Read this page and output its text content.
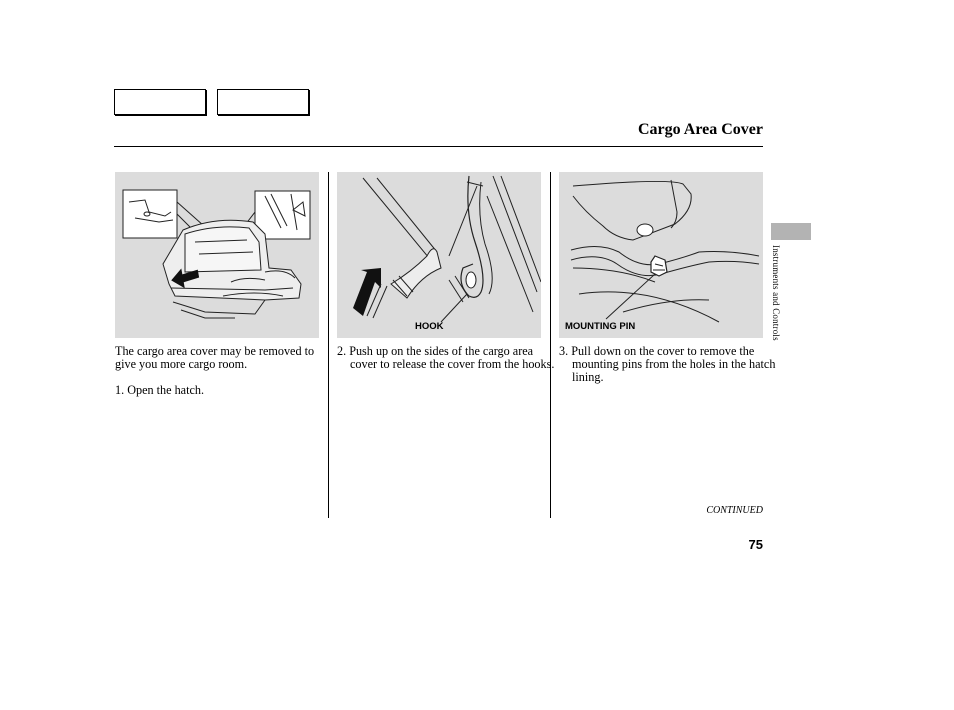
Cargo Area Cover
HOOK	MOUNTING PIN

The cargo area cover may be removed to give you more cargo room.

1. Open the hatch.

2. Push up on the sides of the cargo area cover to release the cover from the hooks.

3. Pull down on the cover to remove the mounting pins from the holes in the hatch lining.

CONTINUED
75
Instruments and Controls
